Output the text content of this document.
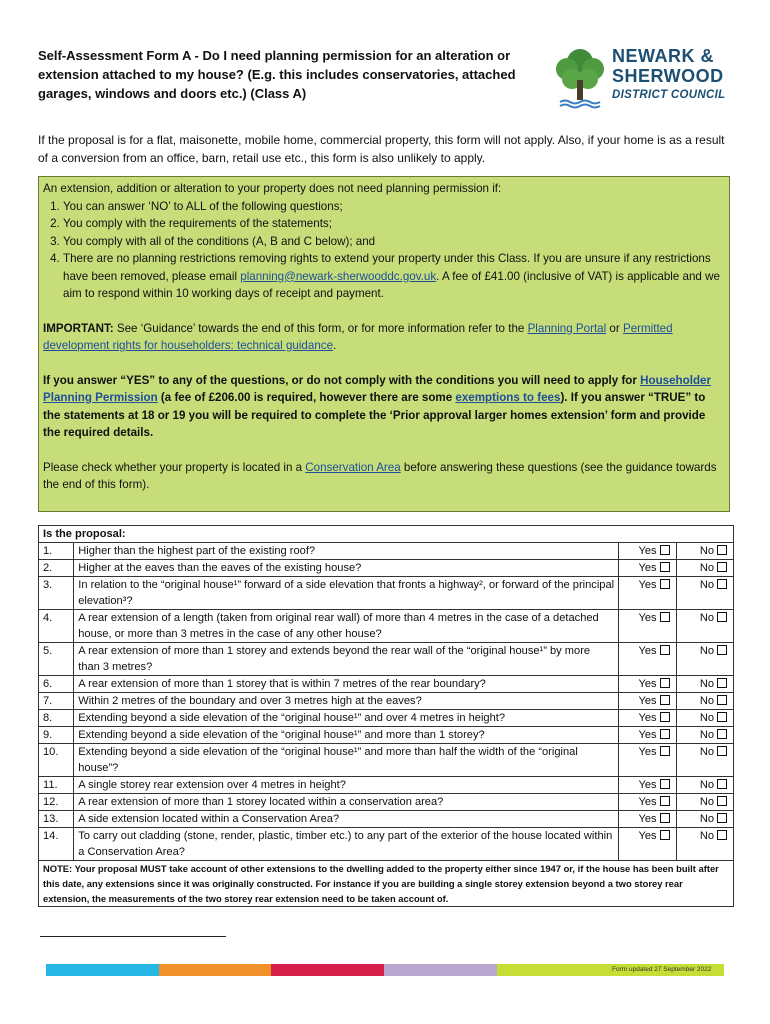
Self-Assessment Form A - Do I need planning permission for an alteration or extension attached to my house? (E.g. this includes conservatories, attached garages, windows and doors etc.) (Class A)
NEWARK &
SHERWOOD
DISTRICT COUNCIL
If the proposal is for a flat, maisonette, mobile home, commercial property, this form will not apply. Also, if your home is as a result of a conversion from an office, barn, retail use etc., this form is also unlikely to apply.

An extension, addition or alteration to your property does not need planning permission if:

1. You can answer ‘NO’ to ALL of the following questions;
2. You comply with the requirements of the statements;
3. You comply with all of the conditions (A, B and C below); and
4. There are no planning restrictions removing rights to extend your property under this Class. If you are unsure if any restrictions have been removed, please email planning@newark-sherwooddc.gov.uk. A fee of £41.00 (inclusive of VAT) is applicable and we aim to respond within 10 working days of receipt and payment.

IMPORTANT: See ‘Guidance’ towards the end of this form, or for more information refer to the Planning Portal or Permitted development rights for householders: technical guidance.

If you answer “YES” to any of the questions, or do not comply with the conditions you will need to apply for Householder Planning Permission (a fee of £206.00 is required, however there are some exemptions to fees). If you answer “TRUE” to the statements at 18 or 19 you will be required to complete the ‘Prior approval larger homes extension’ form and provide the required details.

Please check whether your property is located in a Conservation Area before answering these questions (see the guidance towards the end of this form).

Is the proposal:			
1.	Higher than the highest part of the existing roof?	Yes	No
2.	Higher at the eaves than the eaves of the existing house?	Yes	No
3.	In relation to the “original house¹” forward of a side elevation that fronts a highway², or forward of the principal elevation³?	Yes	No
4.	A rear extension of a length (taken from original rear wall) of more than 4 metres in the case of a detached house, or more than 3 metres in the case of any other house?	Yes	No
5.	A rear extension of more than 1 storey and extends beyond the rear wall of the “original house¹” by more than 3 metres?	Yes	No
6.	A rear extension of more than 1 storey that is within 7 metres of the rear boundary?	Yes	No
7.	Within 2 metres of the boundary and over 3 metres high at the eaves?	Yes	No
8.	Extending beyond a side elevation of the “original house¹” and over 4 metres in height?	Yes	No
9.	Extending beyond a side elevation of the “original house¹” and more than 1 storey?	Yes	No
10.	Extending beyond a side elevation of the “original house¹” and more than half the width of the “original house”?	Yes	No
11.	A single storey rear extension over 4 metres in height?	Yes	No
12.	A rear extension of more than 1 storey located within a conservation area?	Yes	No
13.	A side extension located within a Conservation Area?	Yes	No
14.	To carry out cladding (stone, render, plastic, timber etc.) to any part of the exterior of the house located within a Conservation Area?	Yes	No
NOTE: Your proposal MUST take account of other extensions to the dwelling added to the property either since 1947 or, if the house has been built after this date, any extensions since it was originally constructed. For instance if you are building a single storey extension beyond a two storey rear extension, the measurements of the two storey rear extension need to be taken account of.			
Form updated 27 September 2022
